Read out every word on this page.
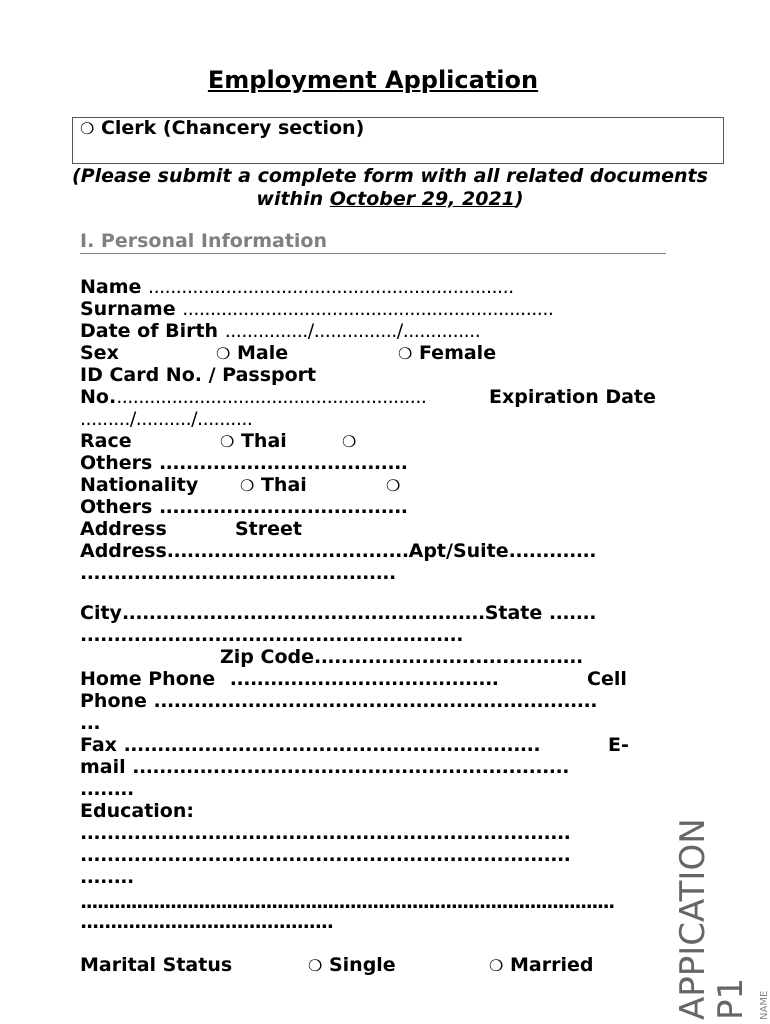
Employment Application
❍ Clerk (Chancery section)
(Please submit a complete form with all related documents within October 29, 2021)
I. Personal Information
Name ..................................................................
Surname ...................................................................
Date of Birth .............../.............../..............
Sex	❍ Male	❍ Female
ID Card No. / Passport
No.........................................................	Expiration Date
........./........../..........
Race	❍ Thai	❍
Others .....................................
Nationality	❍ Thai	❍
Others .....................................
Address	Street
Address....................................Apt/Suite.............
...............................................
City......................................................State .......
.........................................................
Zip Code........................................
Home Phone ........................................	Cell
Phone ..................................................................
...
Fax ..............................................................	E-
mail .................................................................
........
Education:
.........................................................................
.........................................................................
........
...............................................................................................
..........................................
Marital Status	❍ Single	❍ Married APPICATION
P1 NAME
